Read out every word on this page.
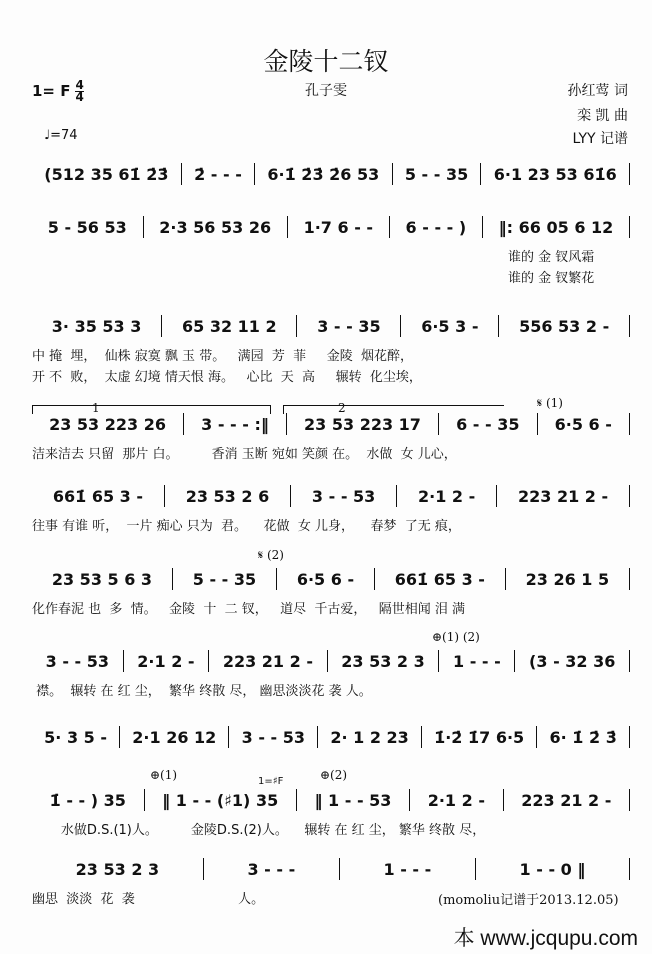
金陵十二钗
孔子雯
1= F $\frac{4}{4}$	孙红莺 词
栾 凯 曲
LYY 记谱
♩=74
𝄋 (1)
1	2
𝄋 (2)
⊕(1) (2)
⊕(1)	⊕(2)
1=♯F
(512 35 61̇ 2̇3̇	2̇ - - -	6·1̇ 2̇3̇ 2̇6 53	5 - - 35	6·1 23 53 61̇6
5 - 56 53	2·3 56 53 26	1·7 6 - -	6 - - - )	‖: 66 05 6 12
谁的 金 钗风霜
谁的 金 钗繁花
3· 35 53 3	65 32 11 2	3 - - 35	6·5 3 -	556 53 2 -
中 掩  埋，  仙株 寂寞 飘 玉 带。   满园  芳  菲     金陵  烟花醉，
开 不  败，  太虚 幻境 情天恨 海。   心比  天  高     辗转  化尘埃，
23 53 223 26	3 - - - :‖	23 53 223 17	6 - - 35	6·5 6 -
洁来洁去 只留  那片 白。        香消 玉断 宛如 笑颜 在。  水做  女 儿心，
661̇ 65 3 -	23 53 2 6	3 - - 53	2·1 2 -	223 21 2 -
往事 有谁 听，  一片 痴心 只为  君。    花做  女 儿身，    春梦  了无 痕，
23 53 5 6 3	5 - - 35	6·5 6 -	661̇ 65 3 -	23 26 1 5
化作春泥 也  多  情。   金陵  十  二 钗，   道尽  千古爱，   隔世相闻 泪 满
3 - - 53	2·1 2 -	223 21 2 -	23 53 2 3	1 - - -	(3 - 32 36
襟。  辗转 在 红 尘，  繁华 终散 尽， 幽思淡淡花 袭 人。
5· 3 5 -	2·1 26 12	3 - - 53	2· 1 2 23	1̇·2̇ 1̇7 6·5	6· 1̇ 2̇ 3̇
1̇ - - ) 35	‖ 1 - - (♯1) 35	‖ 1 - - 53	2·1 2 -	223 21 2 -
水做D.S.(1)人。        金陵D.S.(2)人。    辗转 在 红 尘， 繁华 终散 尽，
23 53 2 3	3 - - -	1 - - -	1 - - 0 ‖
幽思  淡淡  花  袭                         人。	(momoliu记谱于2013.12.05)
本 www.jcqupu.com
